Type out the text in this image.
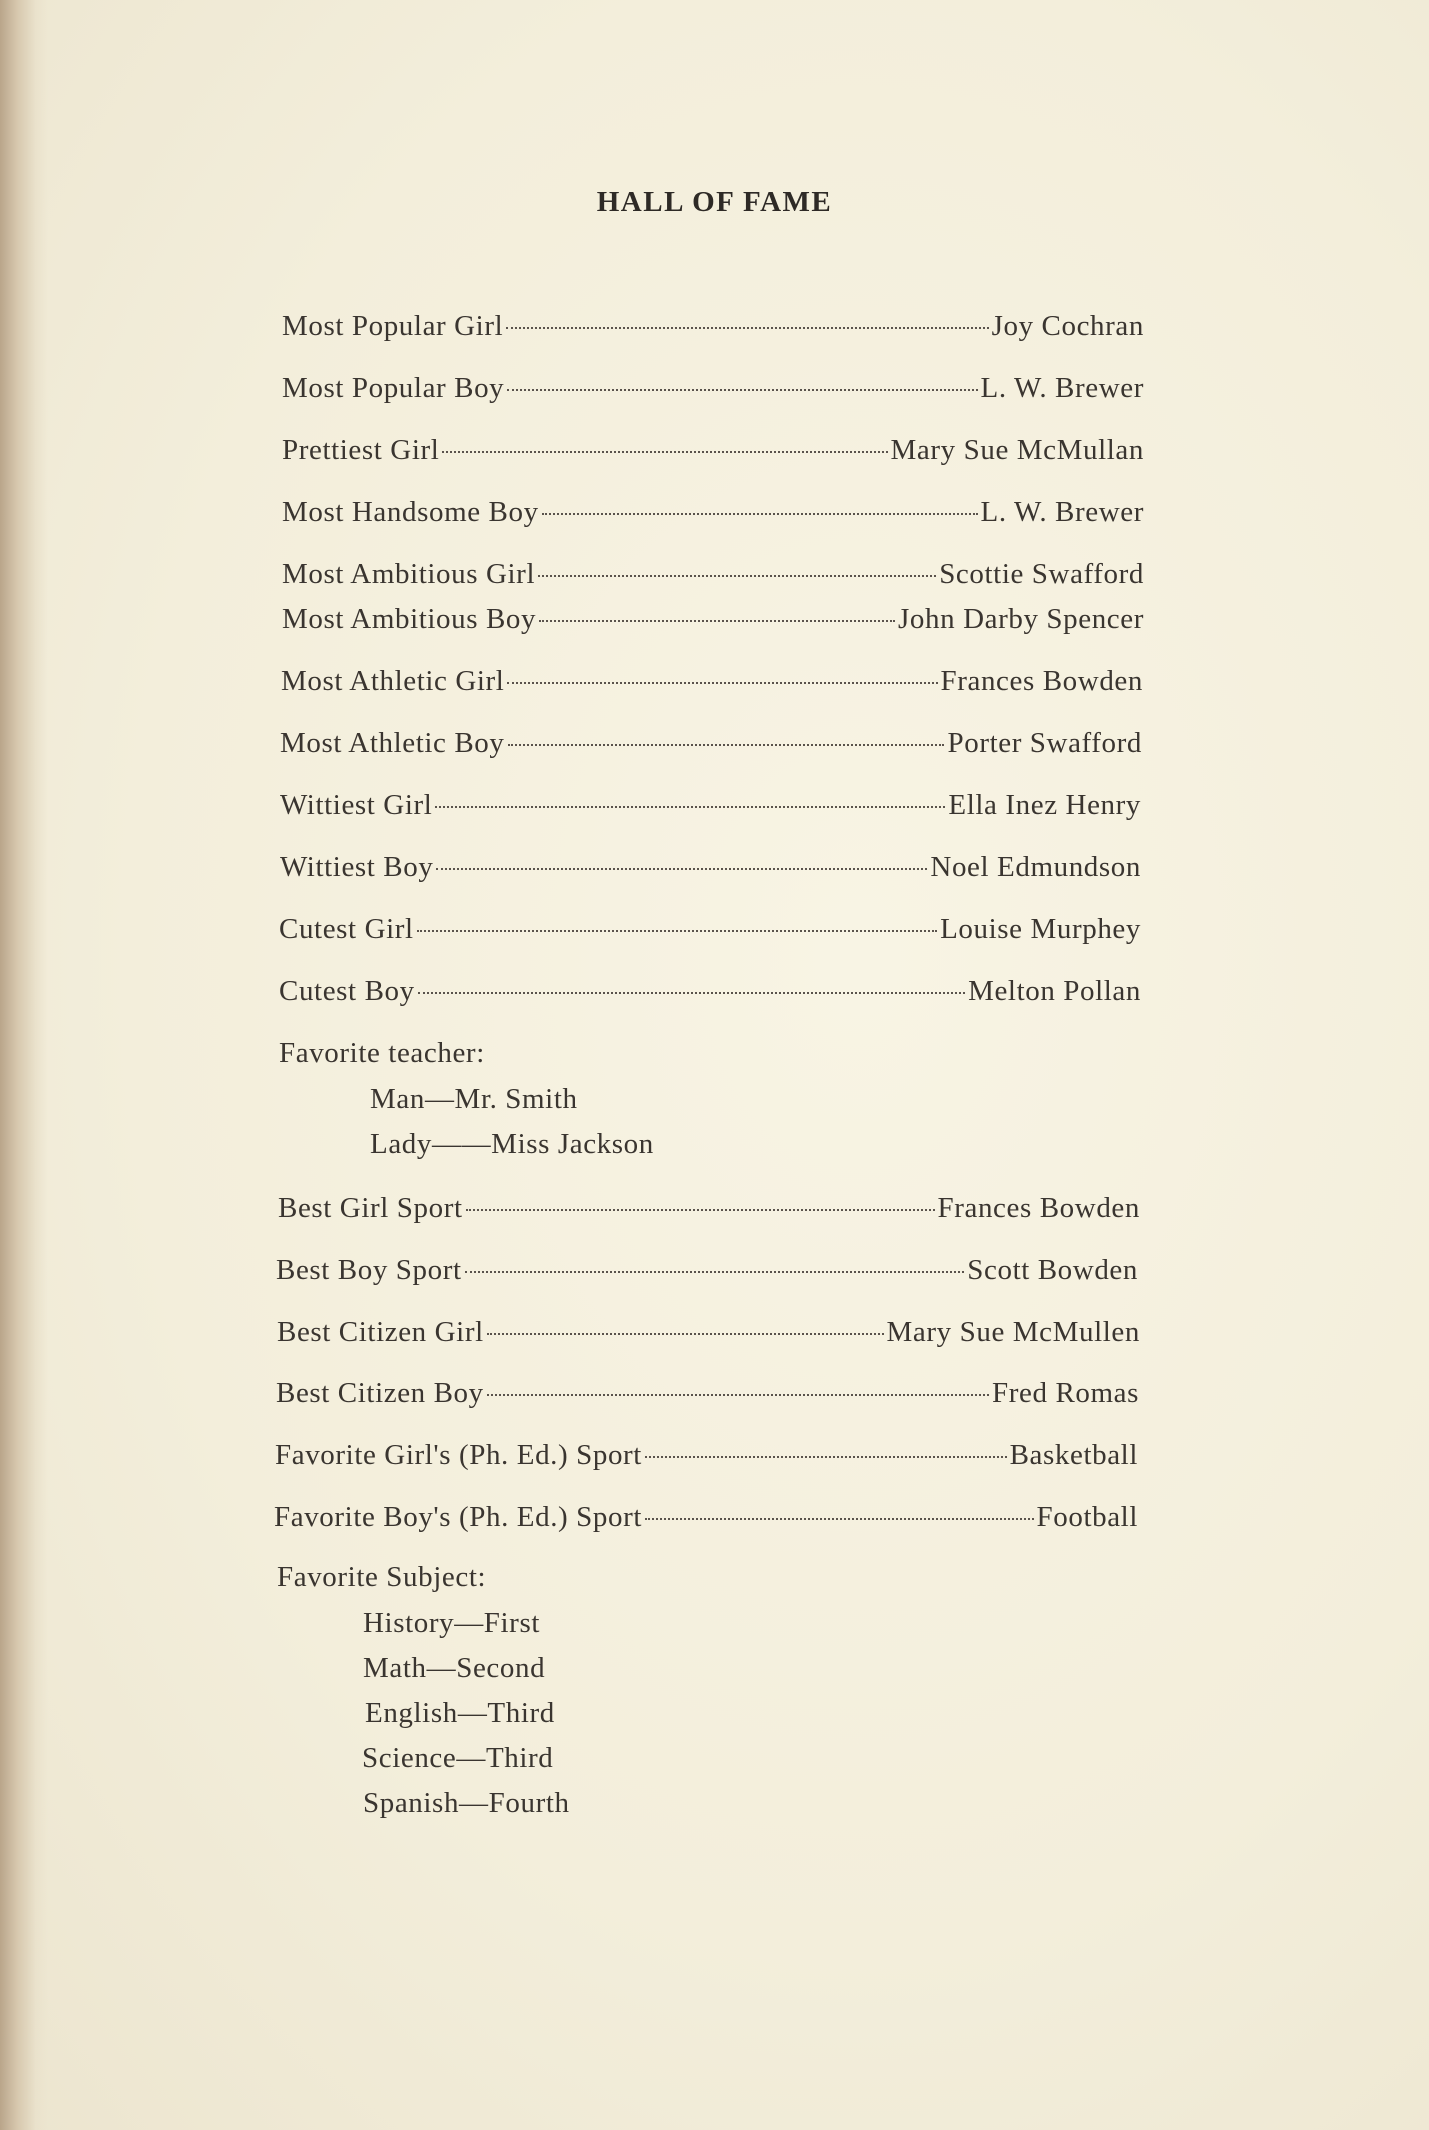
HALL OF FAME
Most Popular Girl	Joy Cochran
Most Popular Boy	L. W. Brewer
Prettiest Girl	Mary Sue McMullan
Most Handsome Boy	L. W. Brewer
Most Ambitious Girl	Scottie Swafford
Most Ambitious Boy	John Darby Spencer
Most Athletic Girl	Frances Bowden
Most Athletic Boy	Porter Swafford
Wittiest Girl	Ella Inez Henry
Wittiest Boy	Noel Edmundson
Cutest Girl	Louise Murphey
Cutest Boy	Melton Pollan
Favorite teacher:
Man—Mr. Smith
Lady——Miss Jackson
Best Girl Sport	Frances Bowden
Best Boy Sport	Scott Bowden
Best Citizen Girl	Mary Sue McMullen
Best Citizen Boy	Fred Romas
Favorite Girl's (Ph. Ed.) Sport	Basketball
Favorite Boy's (Ph. Ed.) Sport	Football
Favorite Subject:
History—First
Math—Second
English—Third
Science—Third
Spanish—Fourth
